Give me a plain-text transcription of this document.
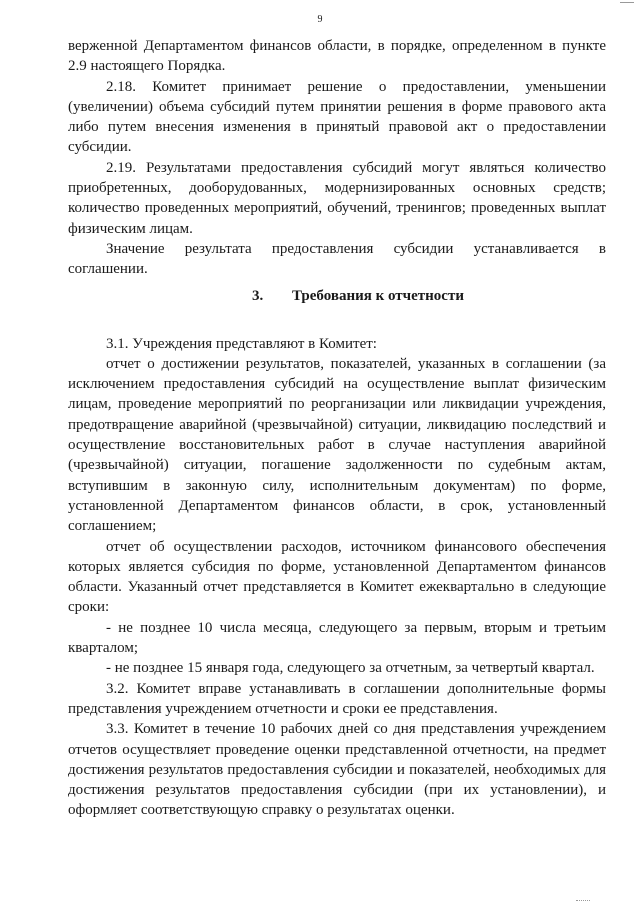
9

верженной Департаментом финансов области, в порядке, определенном в пункте 2.9 настоящего Порядка.

2.18. Комитет принимает решение о предоставлении, уменьшении (увеличении) объема субсидий путем принятии решения в форме правового акта либо путем внесения изменения в принятый правовой акт о предоставлении субсидии.

2.19. Результатами предоставления субсидий могут являться количество приобретенных, дооборудованных, модернизированных основных средств; количество проведенных мероприятий, обучений, тренингов; проведенных выплат физическим лицам.

Значение результата предоставления субсидии устанавливается в соглашении.

3. Требования к отчетности

3.1. Учреждения представляют в Комитет:

отчет о достижении результатов, показателей, указанных в соглашении (за исключением предоставления субсидий на осуществление выплат физическим лицам, проведение мероприятий по реорганизации или ликвидации учреждения, предотвращение аварийной (чрезвычайной) ситуации, ликвидацию последствий и осуществление восстановительных работ в случае наступления аварийной (чрезвычайной) ситуации, погашение задолженности по судебным актам, вступившим в законную силу, исполнительным документам) по форме, установленной Департаментом финансов области, в срок, установленный соглашением;

отчет об осуществлении расходов, источником финансового обеспечения которых является субсидия по форме, установленной Департаментом финансов области. Указанный отчет представляется в Комитет ежеквартально в следующие сроки:

- не позднее 10 числа месяца, следующего за первым, вторым и третьим кварталом;

- не позднее 15 января года, следующего за отчетным, за четвертый квартал.

3.2. Комитет вправе устанавливать в соглашении дополнительные формы представления учреждением отчетности и сроки ее представления.

3.3. Комитет в течение 10 рабочих дней со дня представления учреждением отчетов осуществляет проведение оценки представленной отчетности, на предмет достижения результатов предоставления субсидии и показателей, необходимых для достижения результатов предоставления субсидии (при их установлении), и оформляет соответствующую справку о результатах оценки.
